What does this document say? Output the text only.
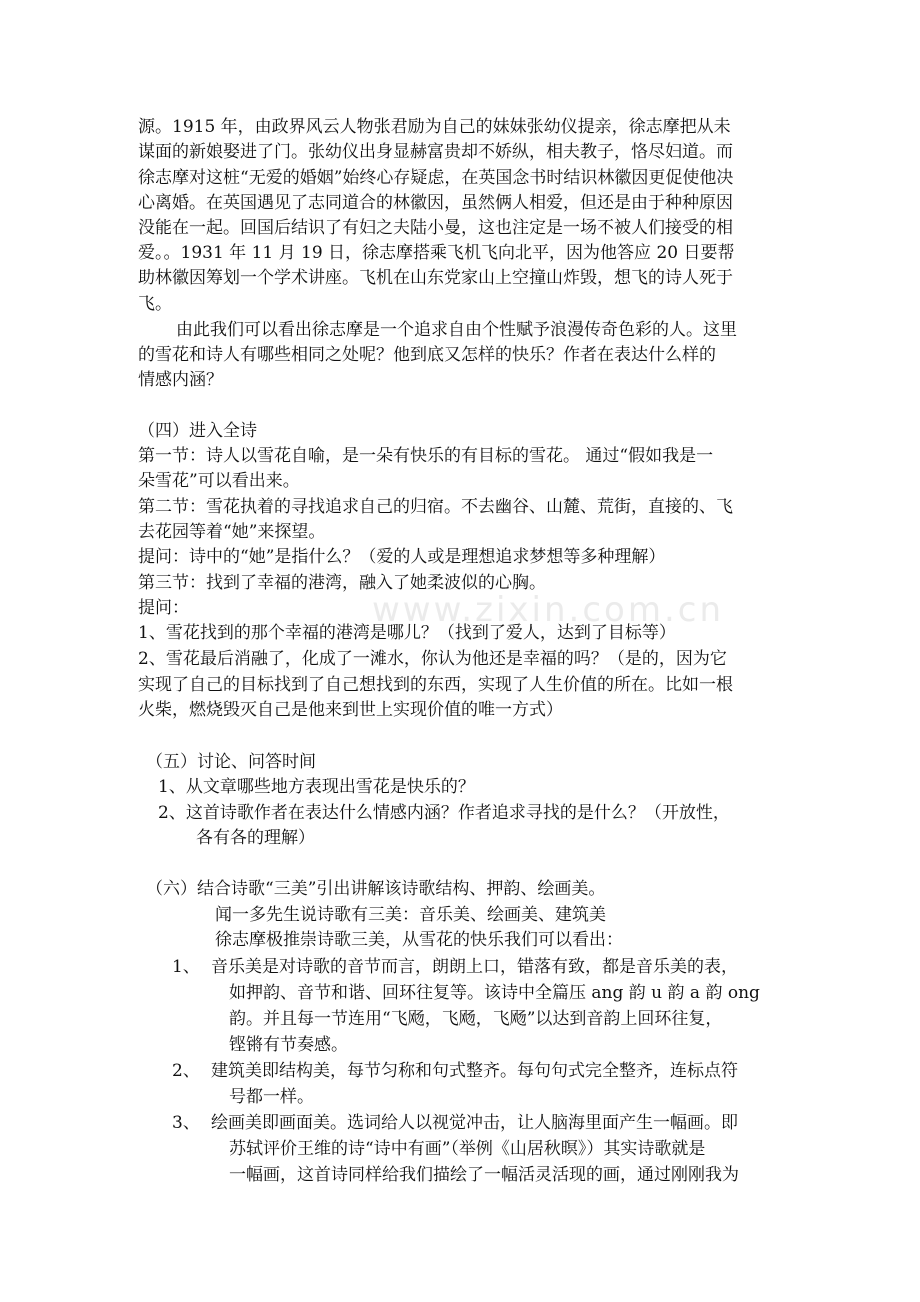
www.zixin.com.cn
源。1915 年，由政界风云人物张君励为自己的妹妹张幼仪提亲，徐志摩把从未
谋面的新娘娶进了门。张幼仪出身显赫富贵却不娇纵，相夫教子，恪尽妇道。而
徐志摩对这桩“无爱的婚姻”始终心存疑虑，在英国念书时结识林徽因更促使他决
心离婚。在英国遇见了志同道合的林徽因，虽然俩人相爱，但还是由于种种原因
没能在一起。回国后结识了有妇之夫陆小曼，这也注定是一场不被人们接受的相
爱。。1931 年 11 月 19 日，徐志摩搭乘飞机飞向北平，因为他答应 20 日要帮
助林徽因筹划一个学术讲座。飞机在山东党家山上空撞山炸毁，想飞的诗人死于
飞。
由此我们可以看出徐志摩是一个追求自由个性赋予浪漫传奇色彩的人。这里
的雪花和诗人有哪些相同之处呢？他到底又怎样的快乐？作者在表达什么样的
情感内涵？
（四）进入全诗
第一节：诗人以雪花自喻，是一朵有快乐的有目标的雪花。 通过“假如我是一
朵雪花”可以看出来。
第二节：雪花执着的寻找追求自己的归宿。不去幽谷、山麓、荒街，直接的、飞
去花园等着“她”来探望。
提问：诗中的“她”是指什么？（爱的人或是理想追求梦想等多种理解）
第三节：找到了幸福的港湾，融入了她柔波似的心胸。
提问：
1、雪花找到的那个幸福的港湾是哪儿？（找到了爱人，达到了目标等）
2、雪花最后消融了，化成了一滩水，你认为他还是幸福的吗？（是的，因为它
实现了自己的目标找到了自己想找到的东西，实现了人生价值的所在。比如一根
火柴，燃烧毁灭自己是他来到世上实现价值的唯一方式）
（五）讨论、问答时间
1、从文章哪些地方表现出雪花是快乐的？
2、这首诗歌作者在表达什么情感内涵？作者追求寻找的是什么？（开放性，
各有各的理解）
（六）结合诗歌“三美”引出讲解该诗歌结构、押韵、绘画美。
闻一多先生说诗歌有三美：音乐美、绘画美、建筑美
徐志摩极推崇诗歌三美，从雪花的快乐我们可以看出：
1、 音乐美是对诗歌的音节而言，朗朗上口，错落有致，都是音乐美的表，
如押韵、音节和谐、回环往复等。该诗中全篇压 ang 韵 u 韵 a 韵 ong
韵。并且每一节连用“飞飏，飞飏，飞飏”以达到音韵上回环往复，
铿锵有节奏感。
2、 建筑美即结构美，每节匀称和句式整齐。每句句式完全整齐，连标点符
号都一样。
3、 绘画美即画面美。选词给人以视觉冲击，让人脑海里面产生一幅画。即
苏轼评价王维的诗“诗中有画”（举例《山居秋暝》）其实诗歌就是
一幅画，这首诗同样给我们描绘了一幅活灵活现的画，通过刚刚我为
